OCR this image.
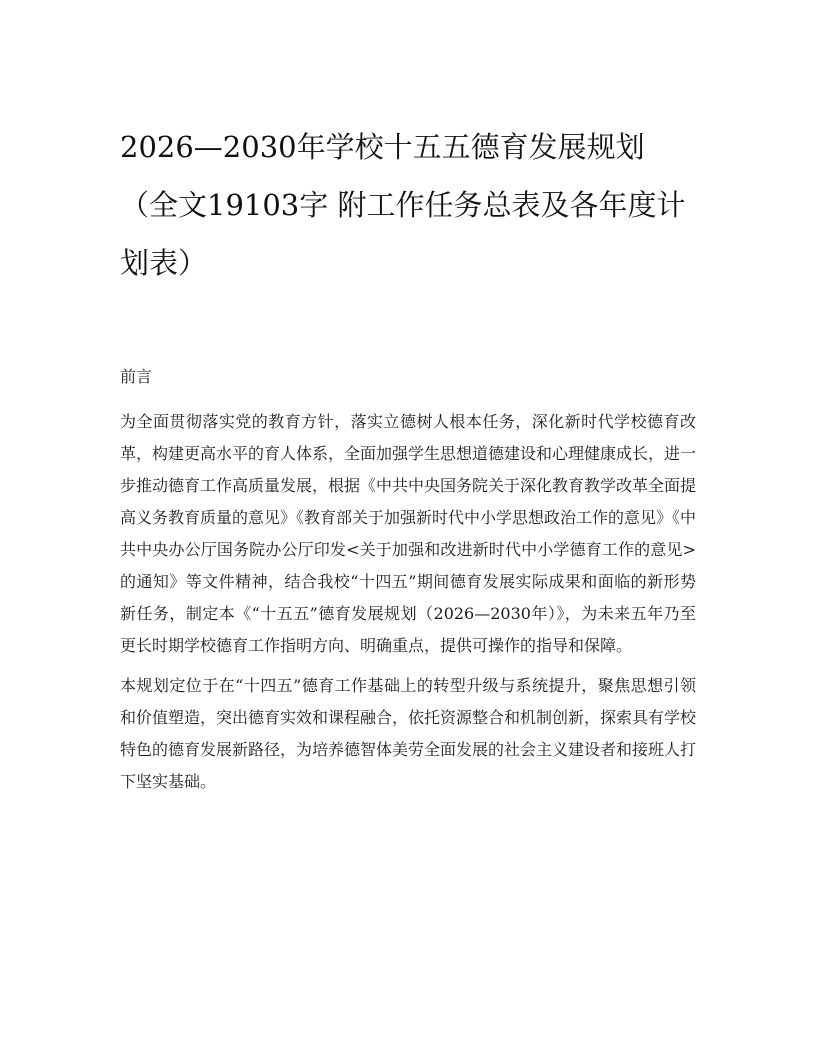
2026—2030年学校十五五德育发展规划（全文19103字 附工作任务总表及各年度计划表）
前言

为全面贯彻落实党的教育方针，落实立德树人根本任务，深化新时代学校德育改革，构建更高水平的育人体系，全面加强学生思想道德建设和心理健康成长，进一步推动德育工作高质量发展，根据《中共中央国务院关于深化教育教学改革全面提高义务教育质量的意见》《教育部关于加强新时代中小学思想政治工作的意见》《中共中央办公厅国务院办公厅印发<关于加强和改进新时代中小学德育工作的意见>的通知》等文件精神，结合我校“十四五”期间德育发展实际成果和面临的新形势新任务，制定本《“十五五”德育发展规划（2026—2030年）》，为未来五年乃至更长时期学校德育工作指明方向、明确重点，提供可操作的指导和保障。

本规划定位于在“十四五”德育工作基础上的转型升级与系统提升，聚焦思想引领和价值塑造，突出德育实效和课程融合，依托资源整合和机制创新，探索具有学校特色的德育发展新路径，为培养德智体美劳全面发展的社会主义建设者和接班人打下坚实基础。
